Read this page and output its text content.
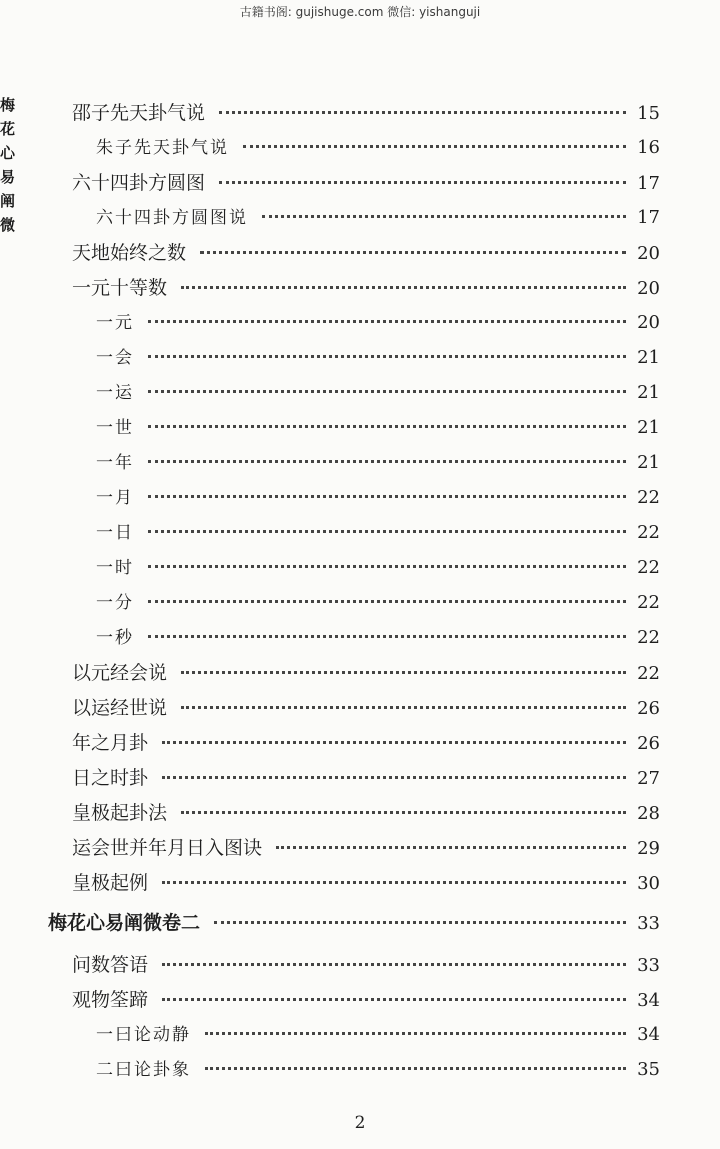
古籍书阁: gujishuge.com 微信: yishanguji
梅花心易阐微
邵子先天卦气说	15
朱子先天卦气说	16
六十四卦方圆图	17
六十四卦方圆图说	17
天地始终之数	20
一元十等数	20
一元	20
一会	21
一运	21
一世	21
一年	21
一月	22
一日	22
一时	22
一分	22
一秒	22
以元经会说	22
以运经世说	26
年之月卦	26
日之时卦	27
皇极起卦法	28
运会世并年月日入图诀	29
皇极起例	30
梅花心易阐微卷二	33
问数答语	33
观物筌蹄	34
一曰论动静	34
二曰论卦象	35
2
